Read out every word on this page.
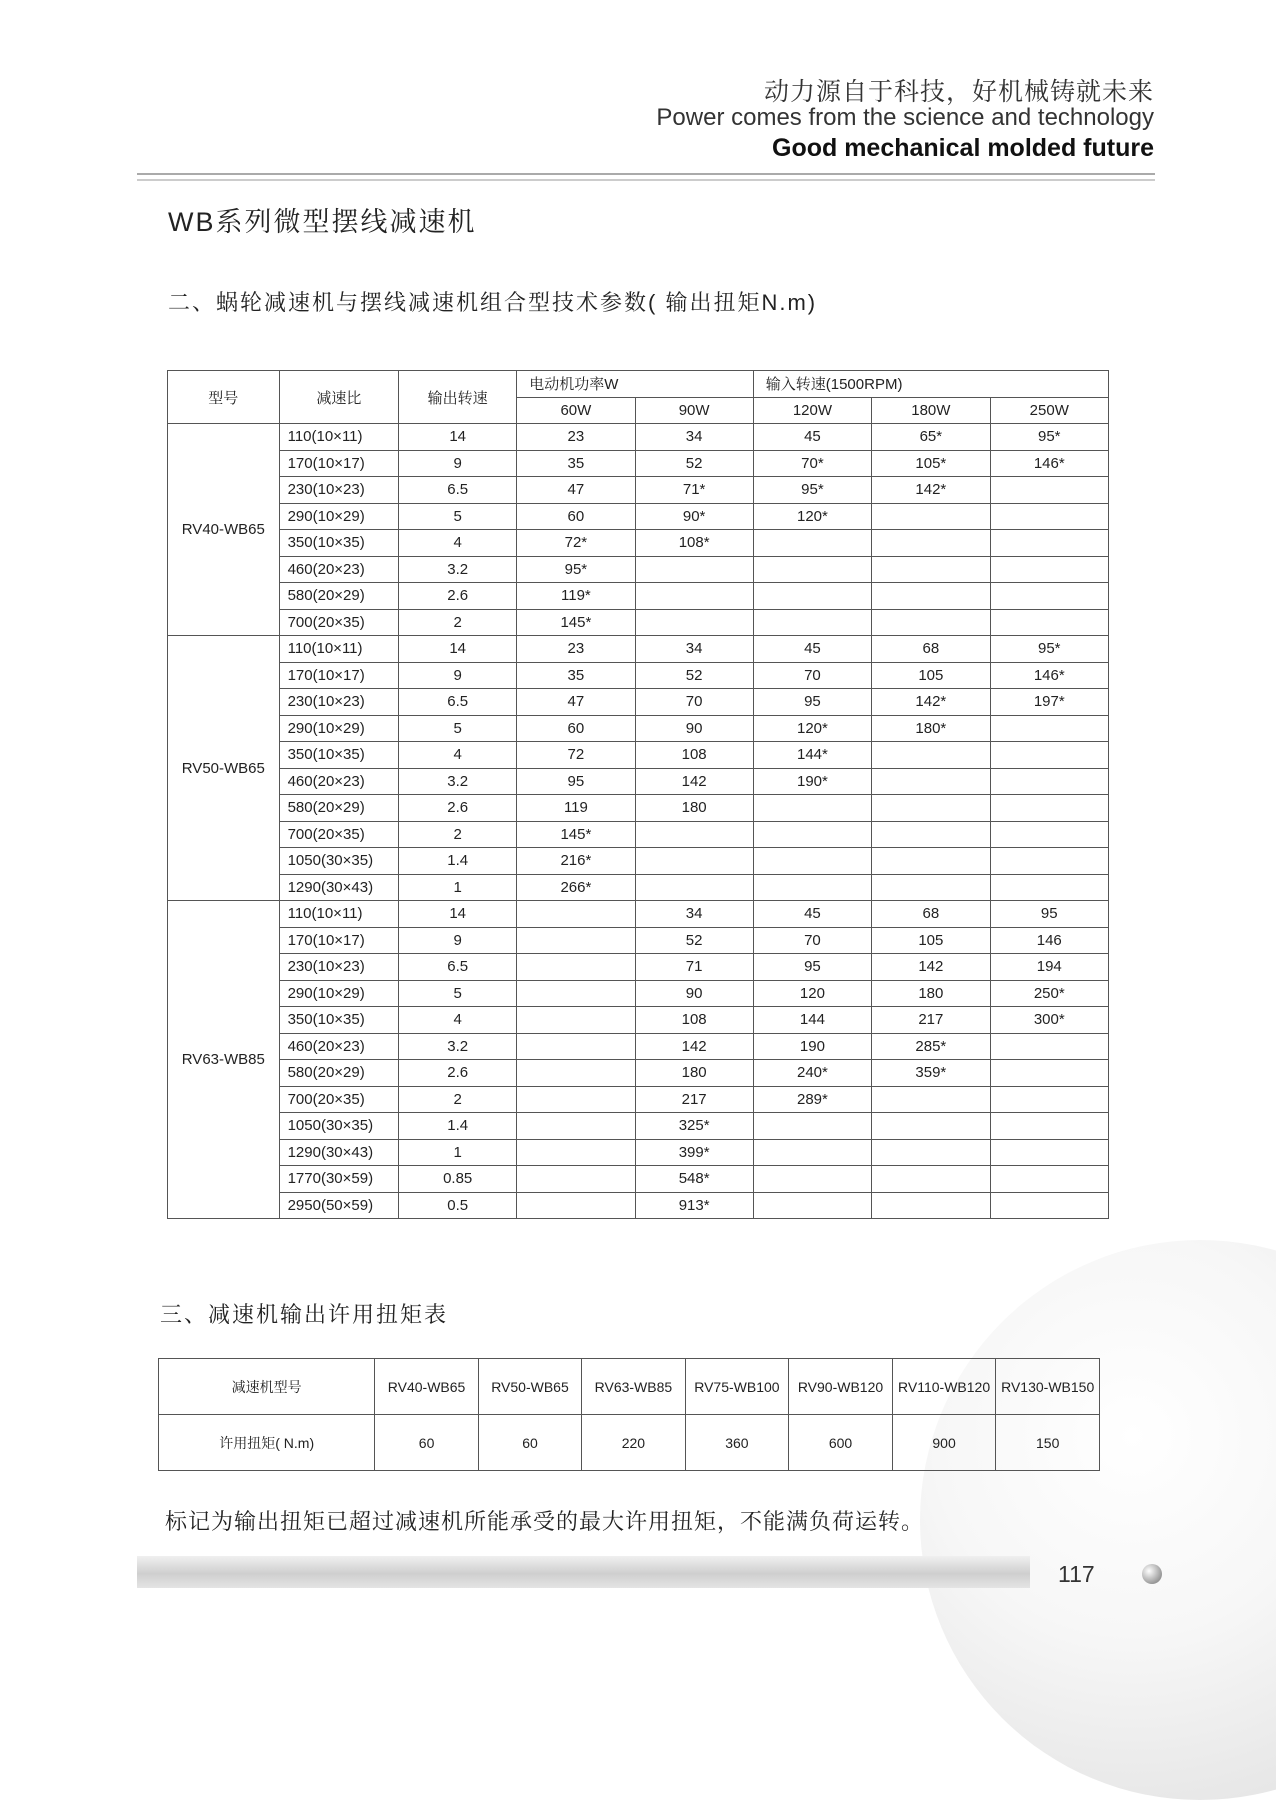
动力源自于科技，好机械铸就未来
Power comes from the science and technology
Good mechanical molded future
WB系列微型摆线减速机
二、蜗轮减速机与摆线减速机组合型技术参数( 输出扭矩N.m)
型号	减速比	输出转速	电动机功率W		输入转速(1500RPM)		
			60W	90W	120W	180W	250W
RV40-WB65	110(10×11)	14	23	34	45	65*	95*
	170(10×17)	9	35	52	70*	105*	146*
	230(10×23)	6.5	47	71*	95*	142*	
	290(10×29)	5	60	90*	120*		
	350(10×35)	4	72*	108*			
	460(20×23)	3.2	95*				
	580(20×29)	2.6	119*				
	700(20×35)	2	145*				
RV50-WB65	110(10×11)	14	23	34	45	68	95*
	170(10×17)	9	35	52	70	105	146*
	230(10×23)	6.5	47	70	95	142*	197*
	290(10×29)	5	60	90	120*	180*	
	350(10×35)	4	72	108	144*		
	460(20×23)	3.2	95	142	190*		
	580(20×29)	2.6	119	180			
	700(20×35)	2	145*				
	1050(30×35)	1.4	216*				
	1290(30×43)	1	266*				
RV63-WB85	110(10×11)	14		34	45	68	95
	170(10×17)	9		52	70	105	146
	230(10×23)	6.5		71	95	142	194
	290(10×29)	5		90	120	180	250*
	350(10×35)	4		108	144	217	300*
	460(20×23)	3.2		142	190	285*	
	580(20×29)	2.6		180	240*	359*	
	700(20×35)	2		217	289*		
	1050(30×35)	1.4		325*			
	1290(30×43)	1		399*			
	1770(30×59)	0.85		548*			
	2950(50×59)	0.5		913*			
三、减速机输出许用扭矩表
减速机型号	RV40-WB65	RV50-WB65	RV63-WB85	RV75-WB100	RV90-WB120	RV110-WB120	RV130-WB150
许用扭矩( N.m)	60	60	220	360	600	900	150
标记为输出扭矩已超过减速机所能承受的最大许用扭矩，不能满负荷运转。
117
